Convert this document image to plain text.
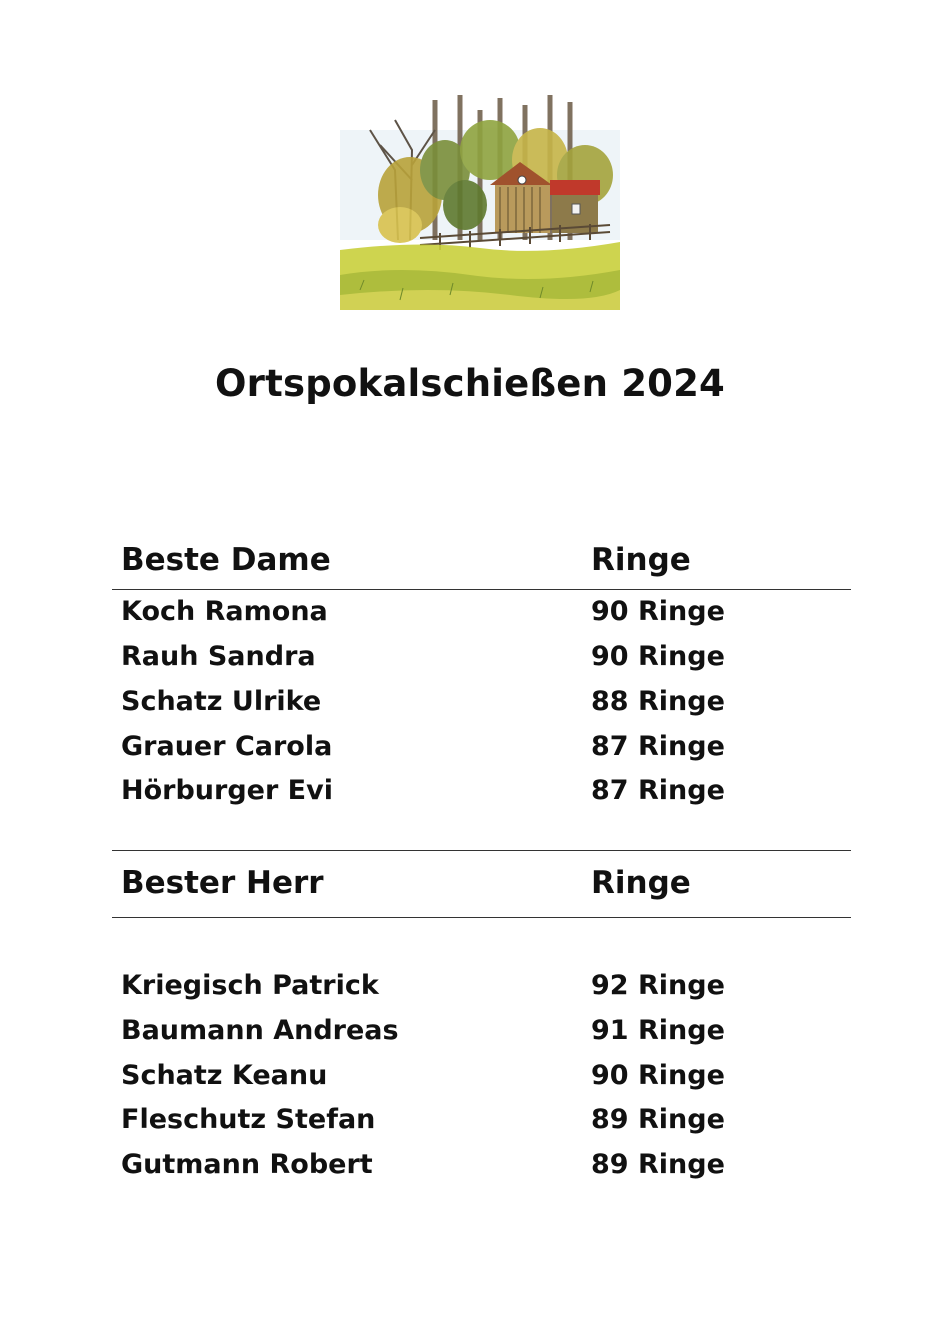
Ortspokalschießen 2024
Beste Dame	Ringe
Koch Ramona	90 Ringe
Rauh Sandra	90 Ringe
Schatz Ulrike	88 Ringe
Grauer Carola	87 Ringe
Hörburger Evi	87 Ringe
Bester Herr	Ringe
Kriegisch Patrick	92 Ringe
Baumann Andreas	91 Ringe
Schatz Keanu	90 Ringe
Fleschutz Stefan	89 Ringe
Gutmann Robert	89 Ringe
